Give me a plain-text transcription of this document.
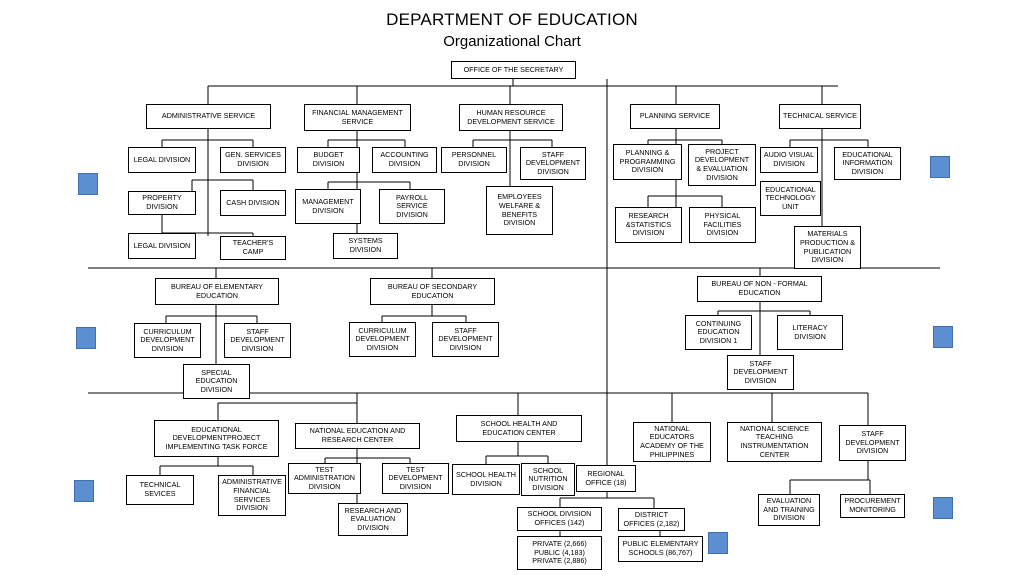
DEPARTMENT OF EDUCATION
Organizational Chart
OFFICE OF THE SECRETARY
ADMINISTRATIVE SERVICE	FINANCIAL MANAGEMENT
SERVICE
HUMAN RESOURCE
DEVELOPMENT SERVICE
PLANNING SERVICE	TECHNICAL SERVICE
LEGAL DIVISION	GEN. SERVICES
DIVISION
PROPERTY
DIVISION	CASH DIVISION
LEGAL DIVISION	TEACHER'S
CAMP
BUDGET
DIVISION
ACCOUNTING
DIVISION
MANAGEMENT
DIVISION
PAYROLL
SERVICE
DIVISION
SYSTEMS
DIVISION
PERSONNEL
DIVISION
STAFF
DEVELOPMENT
DIVISION
EMPLOYEES
WELFARE &
BENEFITS
DIVISION
PLANNING &
PROGRAMMING
DIVISION
PROJECT
DEVELOPMENT
& EVALUATION
DIVISION
RESEARCH
&STATISTICS
DIVISION
PHYSICAL
FACILITIES
DIVISION
AUDIO VISUAL
DIVISION
EDUCATIONAL
INFORMATION
DIVISION
EDUCATIONAL
TECHNOLOGY
UNIT
MATERIALS
PRODUCTION &
PUBLICATION
DIVISION
BUREAU OF ELEMENTARY
EDUCATION
BUREAU OF SECONDARY
EDUCATION
BUREAU OF NON - FORMAL
EDUCATION
CURRICULUM
DEVELOPMENT
DIVISION
STAFF
DEVELOPMENT
DIVISION
SPECIAL
EDUCATION
DIVISION
CURRICULUM
DEVELOPMENT
DIVISION
STAFF
DEVELOPMENT
DIVISION
CONTINUING
EDUCATION
DIVISION 1
LITERACY
DIVISION
STAFF
DEVELOPMENT
DIVISION
EDUCATIONAL
DEVELOPMENTPROJECT
IMPLEMENTING TASK FORCE
NATIONAL EDUCATION AND
RESEARCH CENTER
SCHOOL HEALTH AND
EDUCATION CENTER	NATIONAL
EDUCATORS
ACADEMY OF THE
PHILIPPINES
NATIONAL SCIENCE
TEACHING
INSTRUMENTATION
CENTER
STAFF
DEVELOPMENT
DIVISION
TECHNICAL
SEVICES
ADMINISTRATIVE
FINANCIAL
SERVICES
DIVISION
TEST
ADMINISTRATION
DIVISION
TEST
DEVELOPMENT
DIVISION
RESEARCH AND
EVALUATION
DIVISION
SCHOOL HEALTH
DIVISION
SCHOOL
NUTRITION
DIVISION
REGIONAL
OFFICE (18)
SCHOOL DIVISION
OFFICES (142)
DISTRICT
OFFICES (2,182)
PRIVATE (2,666)
PUBLIC (4,183)
PRIVATE (2,886)
PUBLIC ELEMENTARY
SCHOOLS (86,767)
EVALUATION
AND TRAINING
DIVISION
PROCUREMENT
MONITORING
